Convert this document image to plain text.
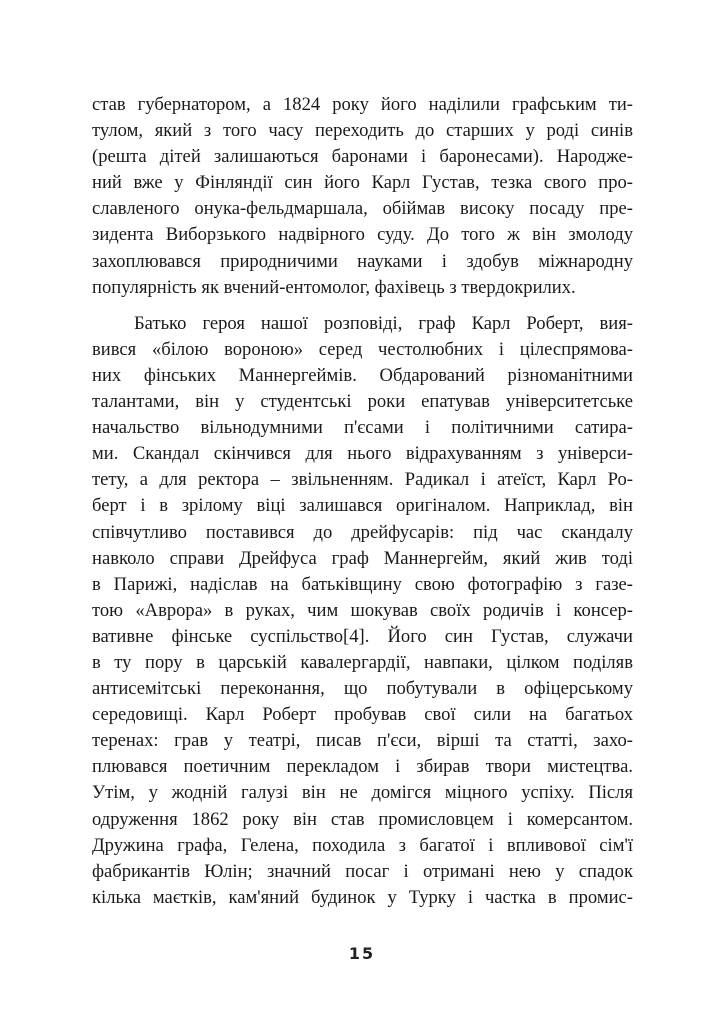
став губернатором, а 1824 року його наділили графським ти-
тулом, який з того часу переходить до старших у роді синів
(решта дітей залишаються баронами і баронесами). Народже-
ний вже у Фінляндії син його Карл Густав, тезка свого про-
славленого онука-фельдмаршала, обіймав високу посаду пре-
зидента Виборзького надвірного суду. До того ж він змолоду
захоплювався природничими науками і здобув міжнародну
популярність як вчений-ентомолог, фахівець з твердокрилих.
Батько героя нашої розповіді, граф Карл Роберт, вия-
вився «білою вороною» серед честолюбних і цілеспрямова-
них фінських Маннергеймів. Обдарований різноманітними
талантами, він у студентські роки епатував університетське
начальство вільнодумними п'єсами і політичними сатира-
ми. Скандал скінчився для нього відрахуванням з універси-
тету, а для ректора – звільненням. Радикал і атеїст, Карл Ро-
берт і в зрілому віці залишався оригіналом. Наприклад, він
співчутливо поставився до дрейфусарів: під час скандалу
навколо справи Дрейфуса граф Маннергейм, який жив тоді
в Парижі, надіслав на батьківщину свою фотографію з газе-
тою «Аврора» в руках, чим шокував своїх родичів і консер-
вативне фінське суспільство[4]. Його син Густав, служачи
в ту пору в царській кавалергардії, навпаки, цілком поділяв
антисемітські переконання, що побутували в офіцерському
середовищі. Карл Роберт пробував свої сили на багатьох
теренах: грав у театрі, писав п'єси, вірші та статті, захо-
плювався поетичним перекладом і збирав твори мистецтва.
Утім, у жодній галузі він не домігся міцного успіху. Після
одруження 1862 року він став промисловцем і комерсантом.
Дружина графа, Гелена, походила з багатої і впливової сім'ї
фабрикантів Юлін; значний посаг і отримані нею у спадок
кілька маєтків, кам'яний будинок у Турку і частка в промис-
15
